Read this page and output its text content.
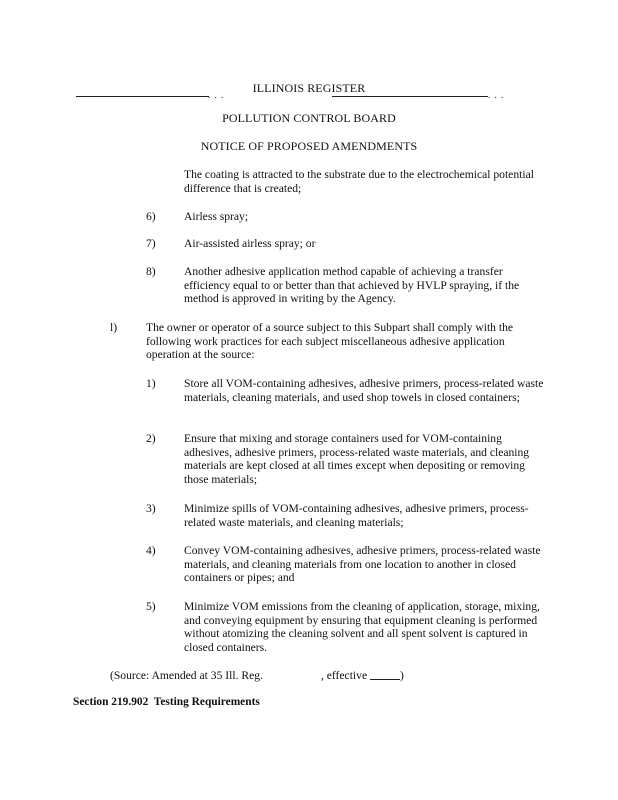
. . .	ILLINOIS REGISTER	. . .
POLLUTION CONTROL BOARD
NOTICE OF PROPOSED AMENDMENTS
The coating is attracted to the substrate due to the electrochemical potential difference that is created;
6) Airless spray;
7) Air-assisted airless spray; or
8) Another adhesive application method capable of achieving a transfer efficiency equal to or better than that achieved by HVLP spraying, if the method is approved in writing by the Agency.
l) The owner or operator of a source subject to this Subpart shall comply with the following work practices for each subject miscellaneous adhesive application operation at the source:
1) Store all VOM-containing adhesives, adhesive primers, process-related waste materials, cleaning materials, and used shop towels in closed containers;
2) Ensure that mixing and storage containers used for VOM-containing adhesives, adhesive primers, process-related waste materials, and cleaning materials are kept closed at all times except when depositing or removing those materials;
3) Minimize spills of VOM-containing adhesives, adhesive primers, process-related waste materials, and cleaning materials;
4) Convey VOM-containing adhesives, adhesive primers, process-related waste materials, and cleaning materials from one location to another in closed containers or pipes; and
5) Minimize VOM emissions from the cleaning of application, storage, mixing, and conveying equipment by ensuring that equipment cleaning is performed without atomizing the cleaning solvent and all spent solvent is captured in closed containers.
(Source: Amended at 35 Ill. Reg.	, effective	)
Section 219.902  Testing Requirements
